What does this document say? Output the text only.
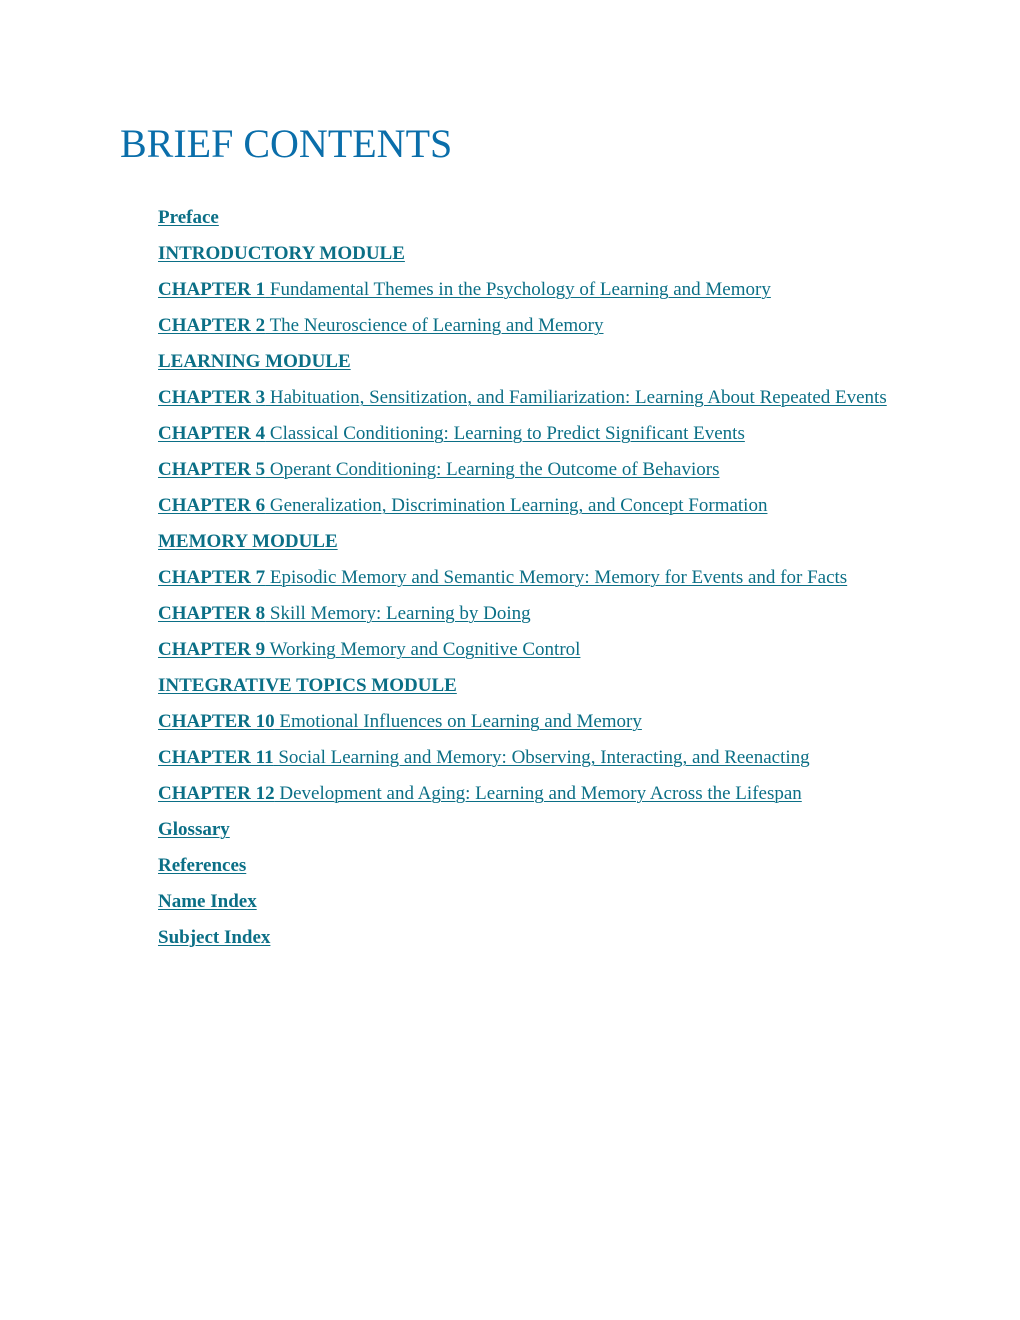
BRIEF CONTENTS
Preface
INTRODUCTORY MODULE
CHAPTER 1 Fundamental Themes in the Psychology of Learning and Memory
CHAPTER 2 The Neuroscience of Learning and Memory
LEARNING MODULE
CHAPTER 3 Habituation, Sensitization, and Familiarization: Learning About Repeated Events
CHAPTER 4 Classical Conditioning: Learning to Predict Significant Events
CHAPTER 5 Operant Conditioning: Learning the Outcome of Behaviors
CHAPTER 6 Generalization, Discrimination Learning, and Concept Formation
MEMORY MODULE
CHAPTER 7 Episodic Memory and Semantic Memory: Memory for Events and for Facts
CHAPTER 8 Skill Memory: Learning by Doing
CHAPTER 9 Working Memory and Cognitive Control
INTEGRATIVE TOPICS MODULE
CHAPTER 10 Emotional Influences on Learning and Memory
CHAPTER 11 Social Learning and Memory: Observing, Interacting, and Reenacting
CHAPTER 12 Development and Aging: Learning and Memory Across the Lifespan
Glossary
References
Name Index
Subject Index
